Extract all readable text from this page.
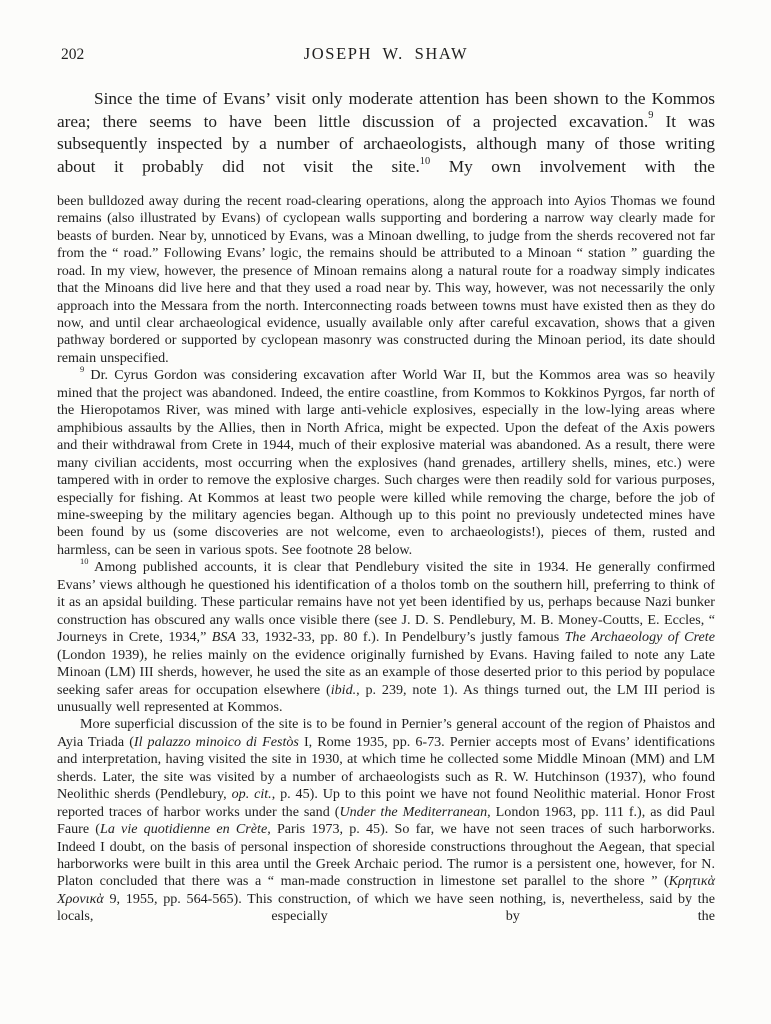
202	JOSEPH W. SHAW

Since the time of Evans’ visit only moderate attention has been shown to the Kommos area; there seems to have been little discussion of a projected excavation.$^9$ It was subsequently inspected by a number of archaeologists, although many of those writing about it probably did not visit the site.$^{10}$ My own involvement with the

been bulldozed away during the recent road-clearing operations, along the approach into Ayios Thomas we found remains (also illustrated by Evans) of cyclopean walls supporting and bordering a narrow way clearly made for beasts of burden. Near by, unnoticed by Evans, was a Minoan dwelling, to judge from the sherds recovered not far from the “ road.” Following Evans’ logic, the remains should be attributed to a Minoan “ station ” guarding the road. In my view, however, the presence of Minoan remains along a natural route for a roadway simply indicates that the Minoans did live here and that they used a road near by. This way, however, was not necessarily the only approach into the Messara from the north. Interconnecting roads between towns must have existed then as they do now, and until clear archaeological evidence, usually available only after careful excavation, shows that a given pathway bordered or supported by cyclopean masonry was constructed during the Minoan period, its date should remain unspecified.

$^9$ Dr. Cyrus Gordon was considering excavation after World War II, but the Kommos area was so heavily mined that the project was abandoned. Indeed, the entire coastline, from Kommos to Kokkinos Pyrgos, far north of the Hieropotamos River, was mined with large anti-vehicle explosives, especially in the low-lying areas where amphibious assaults by the Allies, then in North Africa, might be expected. Upon the defeat of the Axis powers and their withdrawal from Crete in 1944, much of their explosive material was abandoned. As a result, there were many civilian accidents, most occurring when the explosives (hand grenades, artillery shells, mines, etc.) were tampered with in order to remove the explosive charges. Such charges were then readily sold for various purposes, especially for fishing. At Kommos at least two people were killed while removing the charge, before the job of mine-sweeping by the military agencies began. Although up to this point no previously undetected mines have been found by us (some discoveries are not welcome, even to archaeologists!), pieces of them, rusted and harmless, can be seen in various spots. See footnote 28 below.

$^{10}$ Among published accounts, it is clear that Pendlebury visited the site in 1934. He generally confirmed Evans’ views although he questioned his identification of a tholos tomb on the southern hill, preferring to think of it as an apsidal building. These particular remains have not yet been identified by us, perhaps because Nazi bunker construction has obscured any walls once visible there (see J. D. S. Pendlebury, M. B. Money-Coutts, E. Eccles, “ Journeys in Crete, 1934,” BSA 33, 1932-33, pp. 80 f.). In Pendelbury’s justly famous The Archaeology of Crete (London 1939), he relies mainly on the evidence originally furnished by Evans. Having failed to note any Late Minoan (LM) III sherds, however, he used the site as an example of those deserted prior to this period by populace seeking safer areas for occupation elsewhere (ibid., p. 239, note 1). As things turned out, the LM III period is unusually well represented at Kommos.

More superficial discussion of the site is to be found in Pernier’s general account of the region of Phaistos and Ayia Triada (Il palazzo minoico di Festòs I, Rome 1935, pp. 6-73. Pernier accepts most of Evans’ identifications and interpretation, having visited the site in 1930, at which time he collected some Middle Minoan (MM) and LM sherds. Later, the site was visited by a number of archaeologists such as R. W. Hutchinson (1937), who found Neolithic sherds (Pendlebury, op. cit., p. 45). Up to this point we have not found Neolithic material. Honor Frost reported traces of harbor works under the sand (Under the Mediterranean, London 1963, pp. 111 f.), as did Paul Faure (La vie quotidienne en Crète, Paris 1973, p. 45). So far, we have not seen traces of such harborworks. Indeed I doubt, on the basis of personal inspection of shoreside constructions throughout the Aegean, that special harborworks were built in this area until the Greek Archaic period. The rumor is a persistent one, however, for N. Platon concluded that there was a “ man-made construction in limestone set parallel to the shore ” (Κρητικὰ Χρονικὰ 9, 1955, pp. 564-565). This construction, of which we have seen nothing, is, nevertheless, said by the locals, especially by the
